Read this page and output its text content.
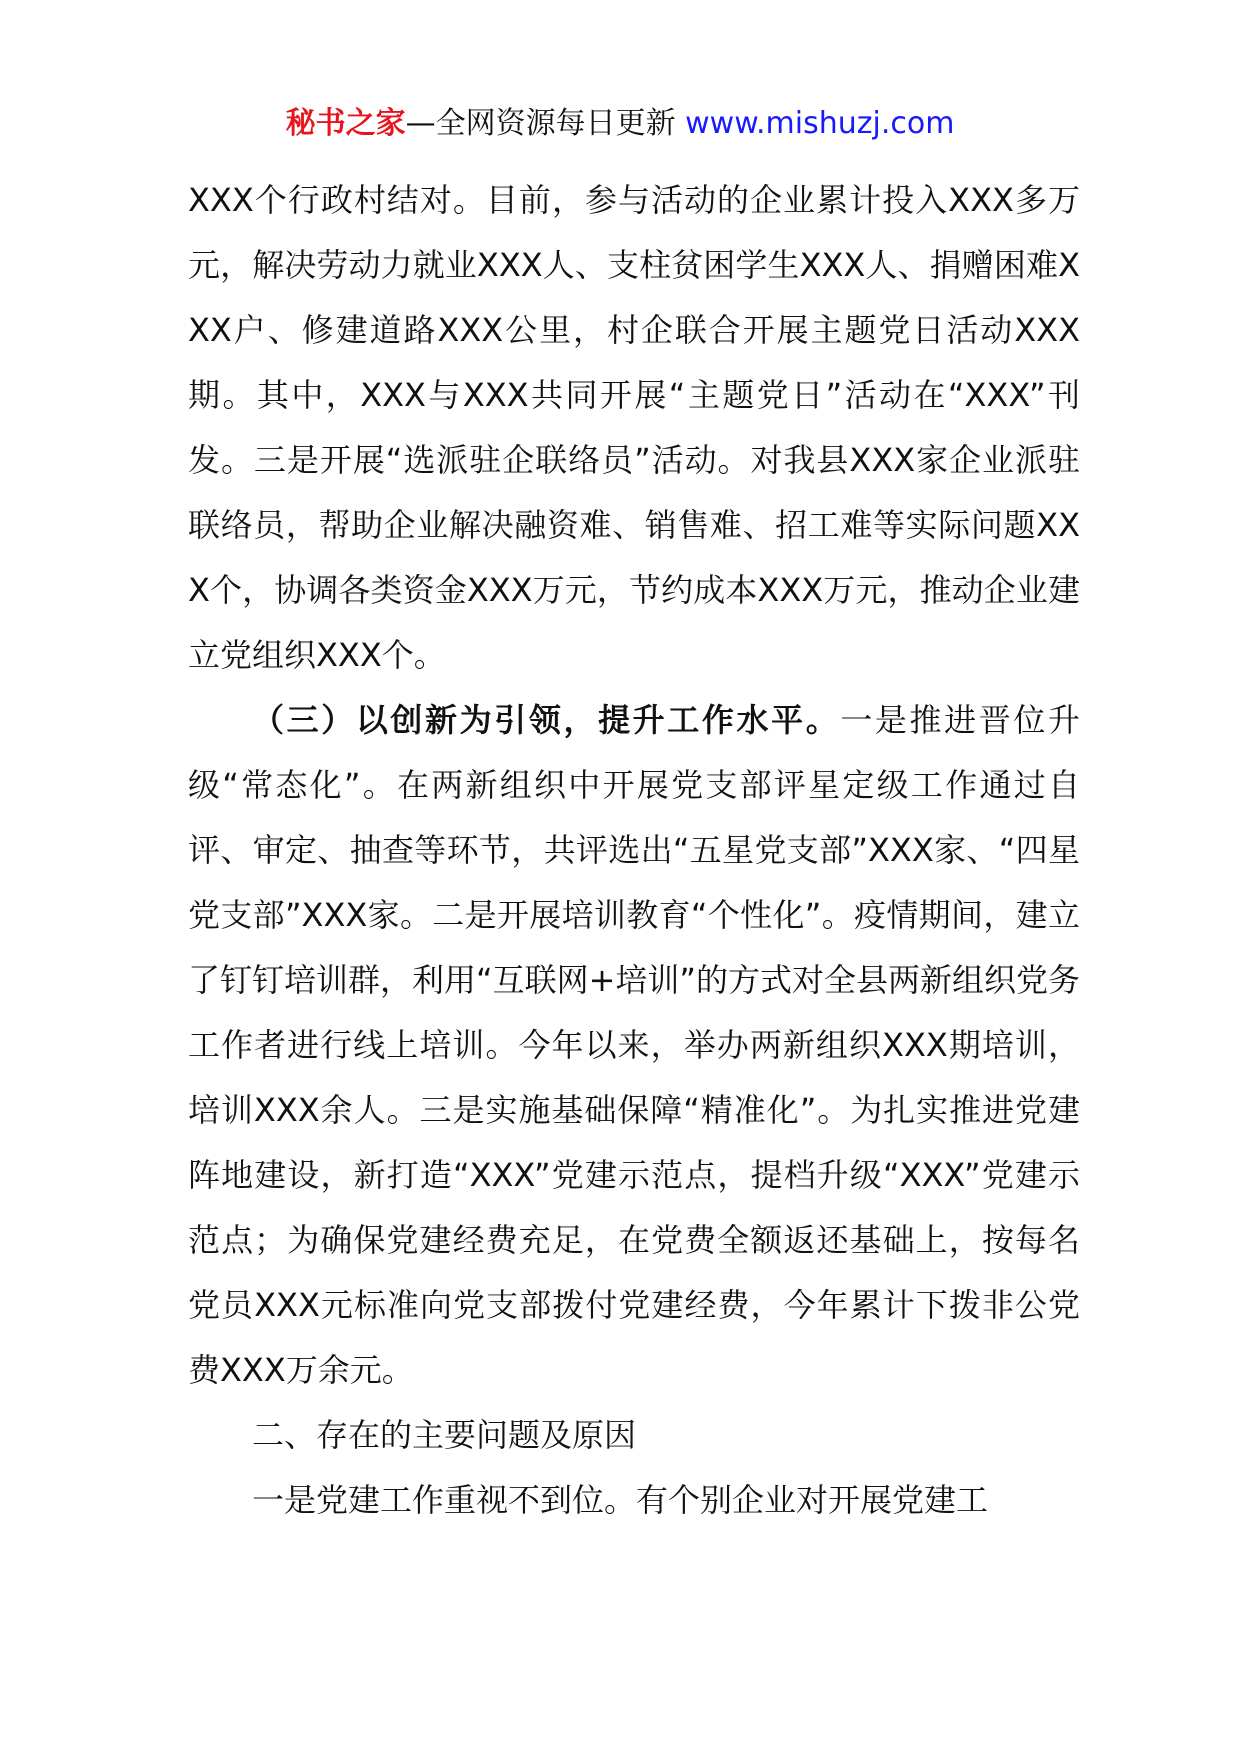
秘书之家—全网资源每日更新 www.mishuzj.com

XXX个行政村结对。目前，参与活动的企业累计投入XXX多万元，解决劳动力就业XXX人、支柱贫困学生XXX人、捐赠困难XXX户、修建道路XXX公里，村企联合开展主题党日活动XXX期。其中，XXX与XXX共同开展“主题党日”活动在“XXX”刊发。三是开展“选派驻企联络员”活动。对我县XXX家企业派驻联络员，帮助企业解决融资难、销售难、招工难等实际问题XXX个，协调各类资金XXX万元，节约成本XXX万元，推动企业建立党组织XXX个。

（三）以创新为引领，提升工作水平。一是推进晋位升级“常态化”。在两新组织中开展党支部评星定级工作通过自评、审定、抽查等环节，共评选出“五星党支部”XXX家、“四星党支部”XXX家。二是开展培训教育“个性化”。疫情期间，建立了钉钉培训群，利用“互联网+培训”的方式对全县两新组织党务工作者进行线上培训。今年以来，举办两新组织XXX期培训，培训XXX余人。三是实施基础保障“精准化”。为扎实推进党建阵地建设，新打造“XXX”党建示范点，提档升级“XXX”党建示范点；为确保党建经费充足，在党费全额返还基础上，按每名党员XXX元标准向党支部拨付党建经费，今年累计下拨非公党费XXX万余元。

二、存在的主要问题及原因

一是党建工作重视不到位。有个别企业对开展党建工
